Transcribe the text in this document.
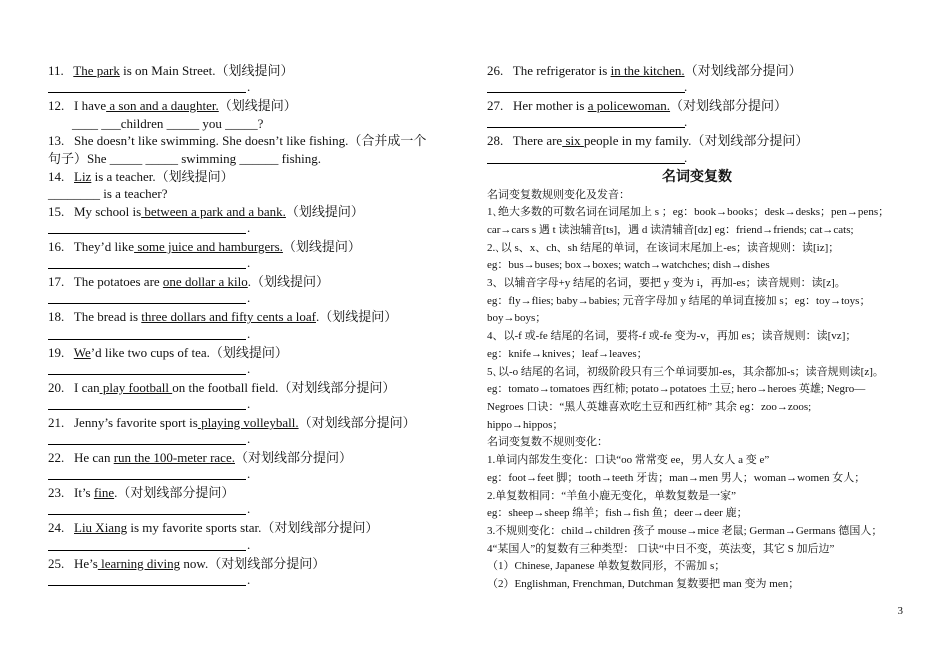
11. The park is on Main Street.（划线提问）
.
12. I have a son and a daughter.（划线提问）
____ ___children _____ you _____?
13. She doesn’t like swimming. She doesn’t like fishing.（合并成一个
句子）She _____ _____ swimming ______ fishing.
14. Liz is a teacher.（划线提问）
________ is a teacher?
15. My school is between a park and a bank.（划线提问）
.
16. They’d like some juice and hamburgers.（划线提问）
.
17. The potatoes are one dollar a kilo.（划线提问）
.
18. The bread is three dollars and fifty cents a loaf.（划线提问）
.
19. We’d like two cups of tea.（划线提问）
.
20. I can play football on the football field.（对划线部分提问）
.
21. Jenny’s favorite sport is playing volleyball.（对划线部分提问）
.
22. He can run the 100-meter race.（对划线部分提问）
.
23. It’s fine.（对划线部分提问）
.
24. Liu Xiang is my favorite sports star.（对划线部分提问）
.
25. He’s learning diving now.（对划线部分提问）
.
26. The refrigerator is in the kitchen.（对划线部分提问）
.
27. Her mother is a policewoman.（对划线部分提问）
.
28. There are six people in my family.（对划线部分提问）
.
名词变复数

名词变复数规则变化及发音：

1､绝大多数的可数名词在词尾加上 s ；eg：book→books；desk→desks；pen→pens；

car→cars s 遇 t 读浊辅音[ts]，遇 d 读清辅音[dz] eg：friend→friends; cat→cats;

2.､以 s、x、ch、sh 结尾的单词，在该词末尾加上-es；读音规则：读[iz]；

eg：bus→buses; box→boxes; watch→watchches; dish→dishes

3、以辅音字母+y 结尾的名词，要把 y 变为 i，再加-es；读音规则：读[z]。

eg：fly→flies; baby→babies; 元音字母加 y 结尾的单词直接加 s；eg：toy→toys；

boy→boys；

4、以-f 或-fe 结尾的名词，要将-f 或-fe 变为-v，再加 es；读音规则：读[vz]；

eg：knife→knives；leaf→leaves；

5､以-o 结尾的名词，初级阶段只有三个单词要加-es，其余都加-s；读音规则读[z]。

eg：tomato→tomatoes 西红柿; potato→potatoes 土豆; hero→heroes 英雄; Negro—

Negroes 口诀：“黑人英雄喜欢吃土豆和西红柿” 其余 eg：zoo→zoos;

hippo→hippos；

名词变复数不规则变化：

1.单词内部发生变化：口诀“oo 常常变 ee，男人女人 a 变 e”

eg：foot→feet 脚；tooth→teeth 牙齿；man→men 男人；woman→women 女人；

2.单复数相同：“羊鱼小鹿无变化，单数复数是一家”

eg：sheep→sheep 绵羊；fish→fish 鱼；deer→deer 鹿；

3.不规则变化：child→children 孩子 mouse→mice 老鼠; German→Germans 德国人；

4“某国人”的复数有三种类型： 口诀“中日不变，英法变，其它 S 加后边”

（1）Chinese, Japanese 单数复数同形，不需加 s；

（2）Englishman, Frenchman, Dutchman 复数要把 man 变为 men；

3
